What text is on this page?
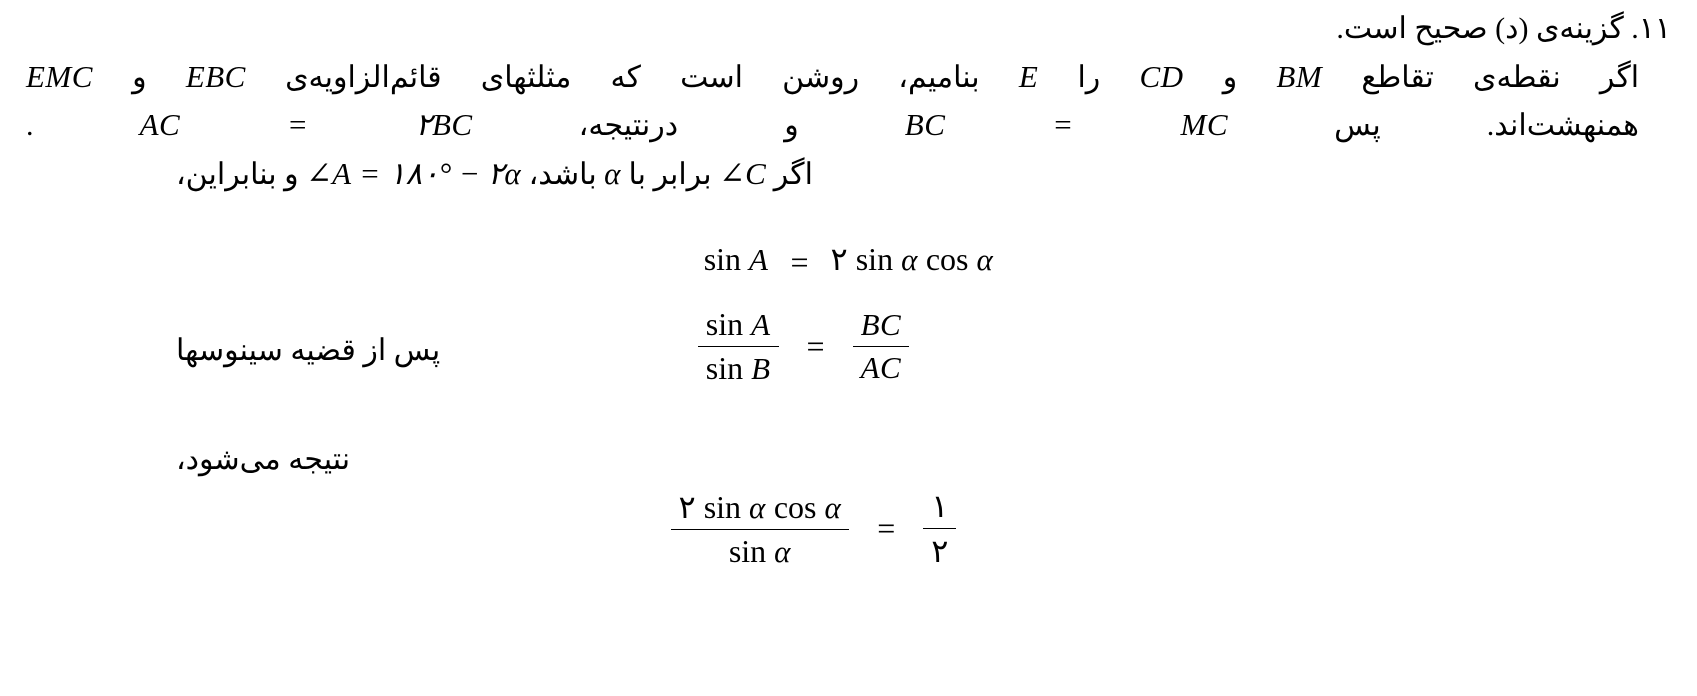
۱۱. گزینه‌ی (د) صحیح است.
اگر نقطه‌ی تقاطع BM و CD را E بنامیم، روشن است که مثلثهای قائم‌الزاویه‌ی EBC و EMC
همنهشت‌اند. پس BC = MC و درنتیجه، AC = ۲BC .
اگر ∠C برابر با α باشد، ∠A = ۱۸۰° − ۲α و بنابراین،
sin A = ۲ sin α cos α
پس از قضیه سینوسها	$\frac{\text{sin A}}{\text{sin B}} = \frac{BC}{AC}$
نتیجه می‌شود،
$\frac{\text{۲ sin α cos α}}{\text{sin α}} = \frac{۱}{۲}$
